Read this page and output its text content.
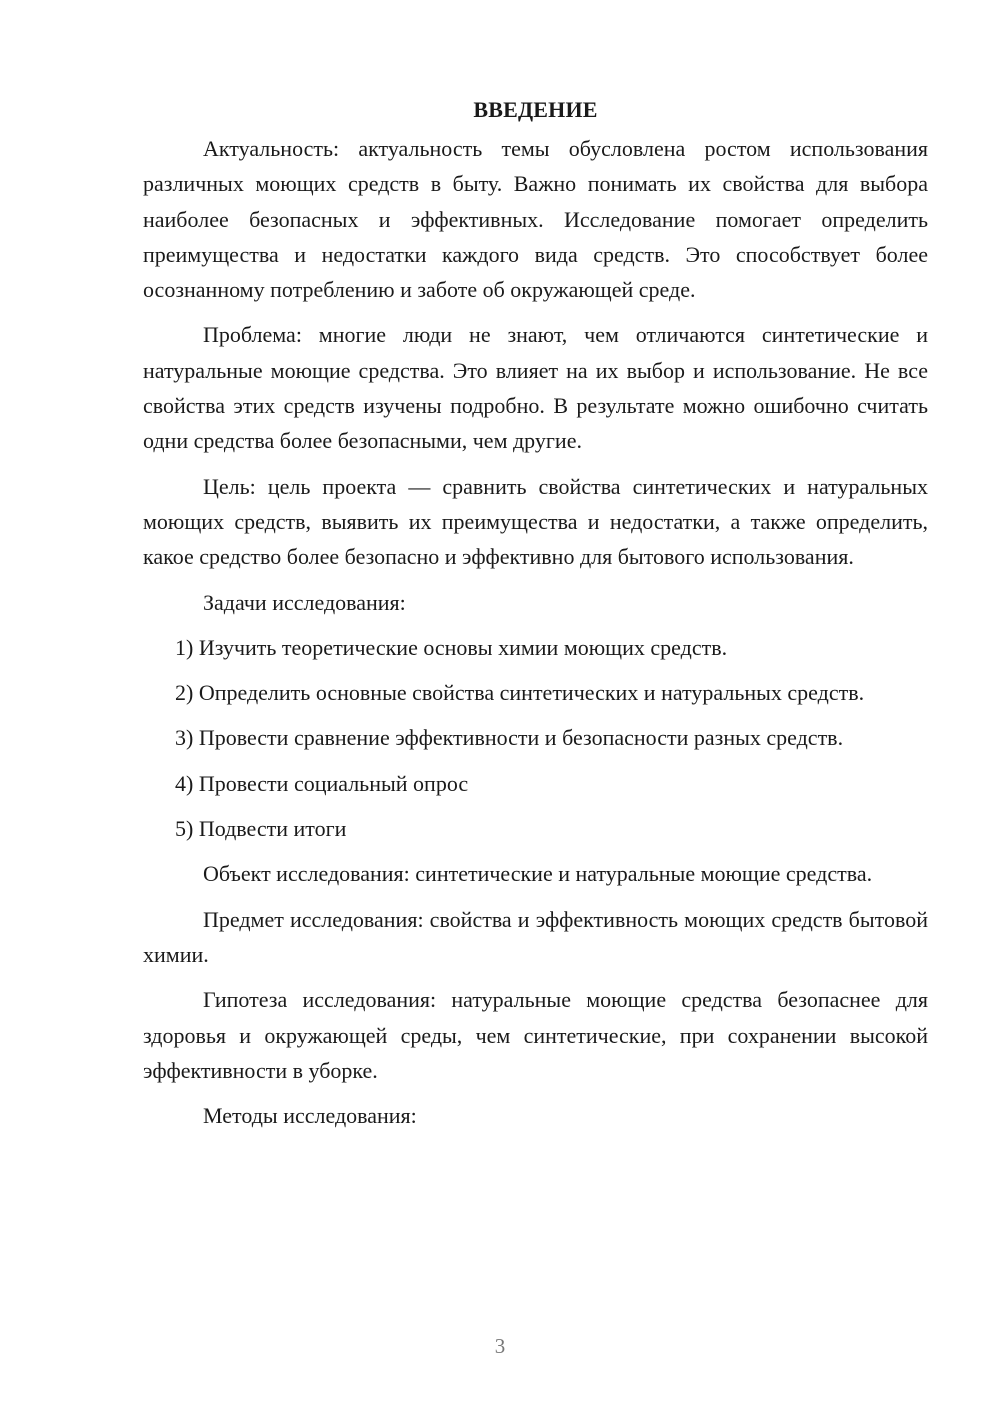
ВВЕДЕНИЕ

Актуальность: актуальность темы обусловлена ростом использования различных моющих средств в быту. Важно понимать их свойства для выбора наиболее безопасных и эффективных. Исследование помогает определить преимущества и недостатки каждого вида средств. Это способствует более осознанному потреблению и заботе об окружающей среде.

Проблема: многие люди не знают, чем отличаются синтетические и натуральные моющие средства. Это влияет на их выбор и использование. Не все свойства этих средств изучены подробно. В результате можно ошибочно считать одни средства более безопасными, чем другие.

Цель: цель проекта — сравнить свойства синтетических и натуральных моющих средств, выявить их преимущества и недостатки, а также определить, какое средство более безопасно и эффективно для бытового использования.

Задачи исследования:

1) Изучить теоретические основы химии моющих средств.

2) Определить основные свойства синтетических и натуральных средств.

3) Провести сравнение эффективности и безопасности разных средств.

4) Провести социальный опрос

5) Подвести итоги

Объект исследования: синтетические и натуральные моющие средства.

Предмет исследования: свойства и эффективность моющих средств бытовой химии.

Гипотеза исследования: натуральные моющие средства безопаснее для здоровья и окружающей среды, чем синтетические, при сохранении высокой эффективности в уборке.

Методы исследования:

3
